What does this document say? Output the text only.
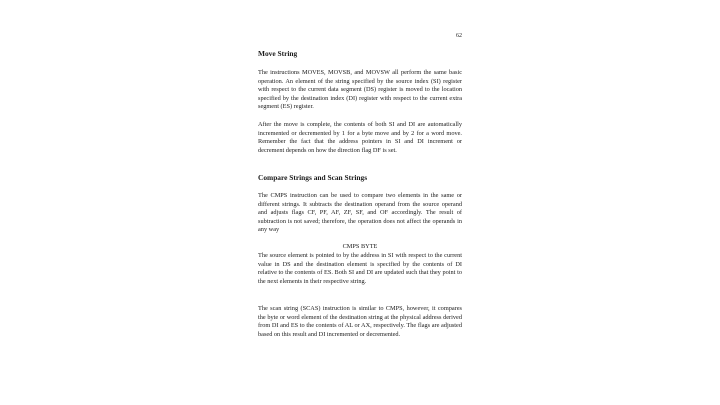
62
Move String

The instructions MOVES, MOVSB, and MOVSW all perform the same basic operation. An element of the string specified by the source index (SI) register with respect to the current data segment (DS) register is moved to the location specified by the destination index (DI) register with respect to the current extra segment (ES) register.

After the move is complete, the contents of both SI and DI are automatically incremented or decremented by 1 for a byte move and by 2 for a word move. Remember the fact that the address pointers in SI and DI increment or decrement depends on how the direction flag DF is set.

Compare Strings and Scan Strings

The CMPS instruction can be used to compare two elements in the same or different strings. It subtracts the destination operand from the source operand and adjusts flags CF, PF, AF, ZF, SF, and OF accordingly. The result of subtraction is not saved; therefore, the operation does not affect the operands in any way

CMPS BYTE

The source element is pointed to by the address in SI with respect to the current value in DS and the destination element is specified by the contents of DI relative to the contents of ES. Both SI and DI are updated such that they point to the next elements in their respective string.

The scan string (SCAS) instruction is similar to CMPS, however, it compares the byte or word element of the destination string at the physical address derived from DI and ES to the contents of AL or AX, respectively. The flags are adjusted based on this result and DI incremented or decremented.
